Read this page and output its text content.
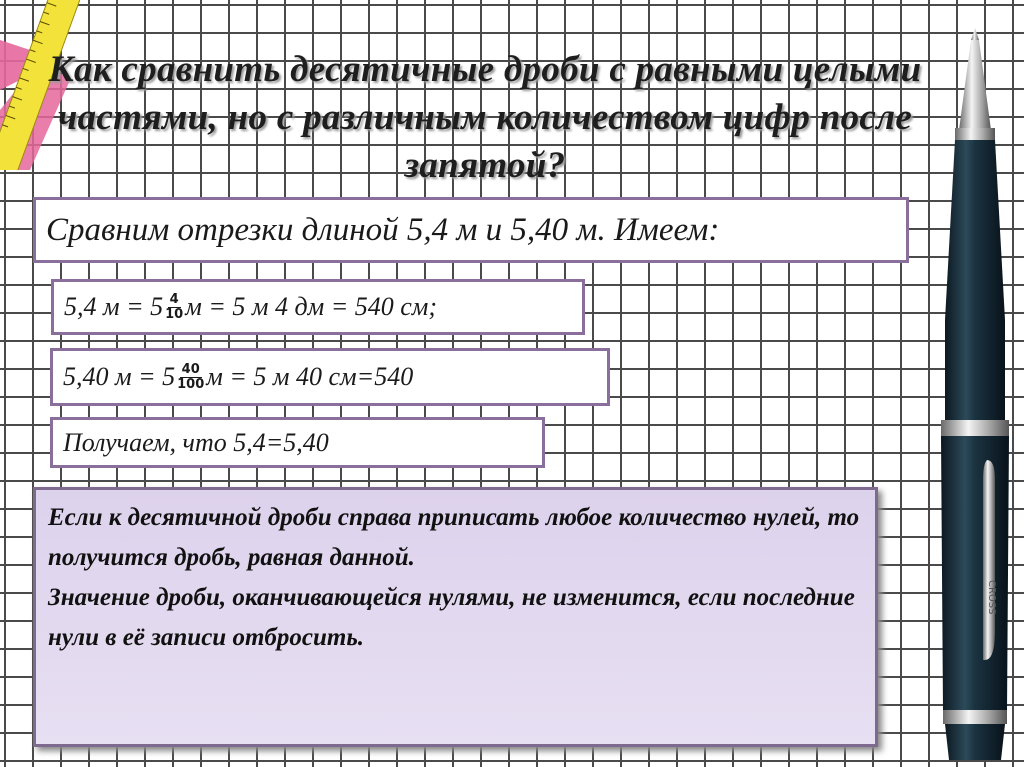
Как сравнить десятичные дроби с равными целыми частями, но с различным количеством цифр после запятой?
Сравним отрезки длиной 5,4 м и 5,40 м. Имеем:
5,4 $м = 5 \frac{4}{10}$ м = 5 м 4 дм = 540 см;
5,40 $м = 5 \frac{40}{100}$ м = 5 м 40 см=540
Получаем, что 5,4=5,40

Если к десятичной дроби справа приписать любое количество нулей, то получится дробь, равная данной.

Значение дроби, оканчивающейся нулями, не изменится, если последние нули в её записи отбросить.

CROSS
